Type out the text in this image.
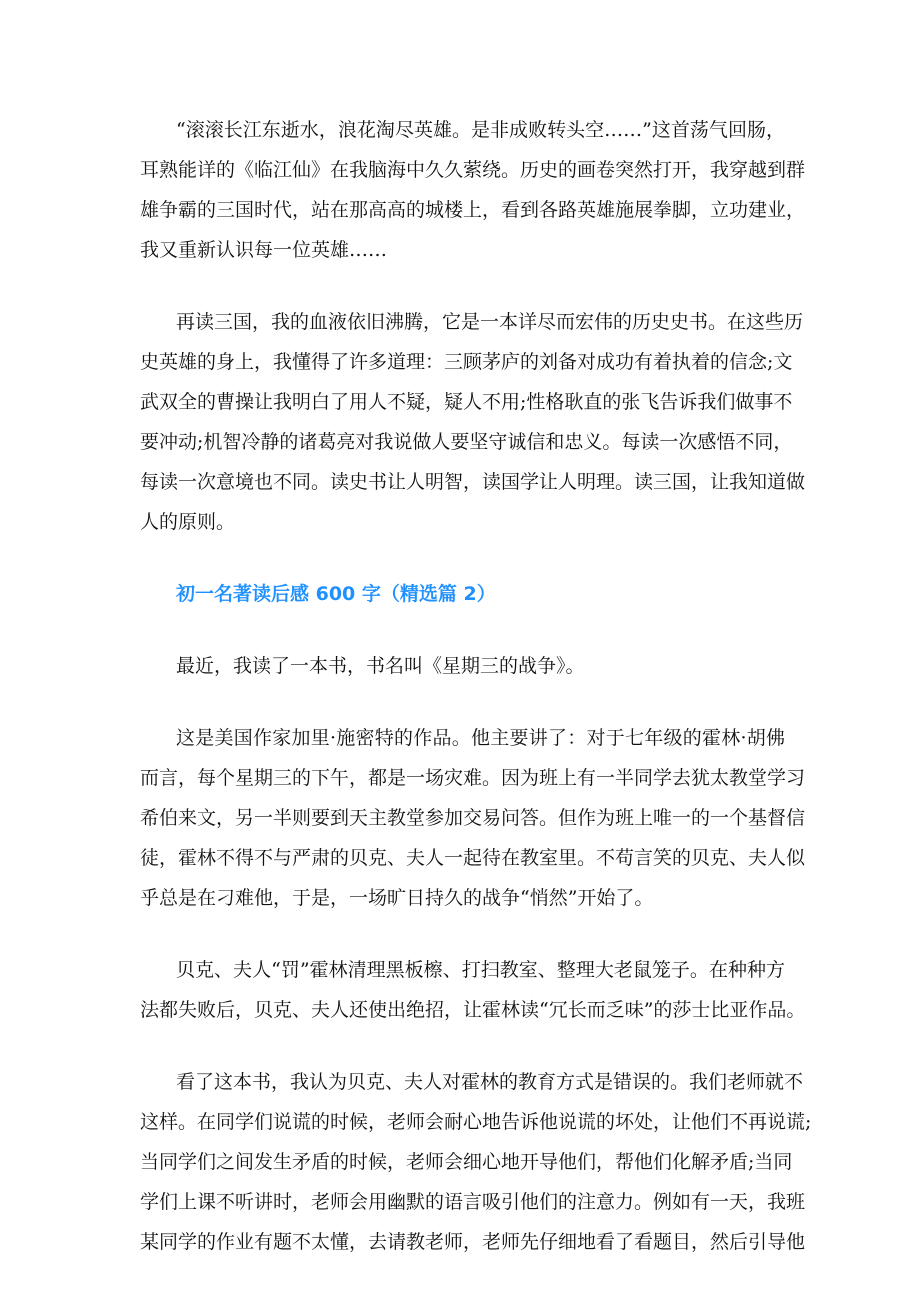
“滚滚长江东逝水，浪花淘尽英雄。是非成败转头空……”这首荡气回肠，
耳熟能详的《临江仙》在我脑海中久久萦绕。历史的画卷突然打开，我穿越到群
雄争霸的三国时代，站在那高高的城楼上，看到各路英雄施展拳脚，立功建业，
我又重新认识每一位英雄……
再读三国，我的血液依旧沸腾，它是一本详尽而宏伟的历史史书。在这些历
史英雄的身上，我懂得了许多道理：三顾茅庐的刘备对成功有着执着的信念;文
武双全的曹操让我明白了用人不疑，疑人不用;性格耿直的张飞告诉我们做事不
要冲动;机智冷静的诸葛亮对我说做人要坚守诚信和忠义。每读一次感悟不同，
每读一次意境也不同。读史书让人明智，读国学让人明理。读三国，让我知道做
人的原则。
初一名著读后感 600 字（精选篇 2）
最近，我读了一本书，书名叫《星期三的战争》。
这是美国作家加里·施密特的作品。他主要讲了：对于七年级的霍林·胡佛
而言，每个星期三的下午，都是一场灾难。因为班上有一半同学去犹太教堂学习
希伯来文，另一半则要到天主教堂参加交易问答。但作为班上唯一的一个基督信
徒，霍林不得不与严肃的贝克、夫人一起待在教室里。不苟言笑的贝克、夫人似
乎总是在刁难他，于是，一场旷日持久的战争“悄然”开始了。
贝克、夫人“罚”霍林清理黑板檫、打扫教室、整理大老鼠笼子。在种种方
法都失败后，贝克、夫人还使出绝招，让霍林读“冗长而乏味”的莎士比亚作品。
看了这本书，我认为贝克、夫人对霍林的教育方式是错误的。我们老师就不
这样。在同学们说谎的时候，老师会耐心地告诉他说谎的坏处，让他们不再说谎;
当同学们之间发生矛盾的时候，老师会细心地开导他们，帮他们化解矛盾;当同
学们上课不听讲时，老师会用幽默的语言吸引他们的注意力。例如有一天，我班
某同学的作业有题不太懂，去请教老师，老师先仔细地看了看题目，然后引导他
